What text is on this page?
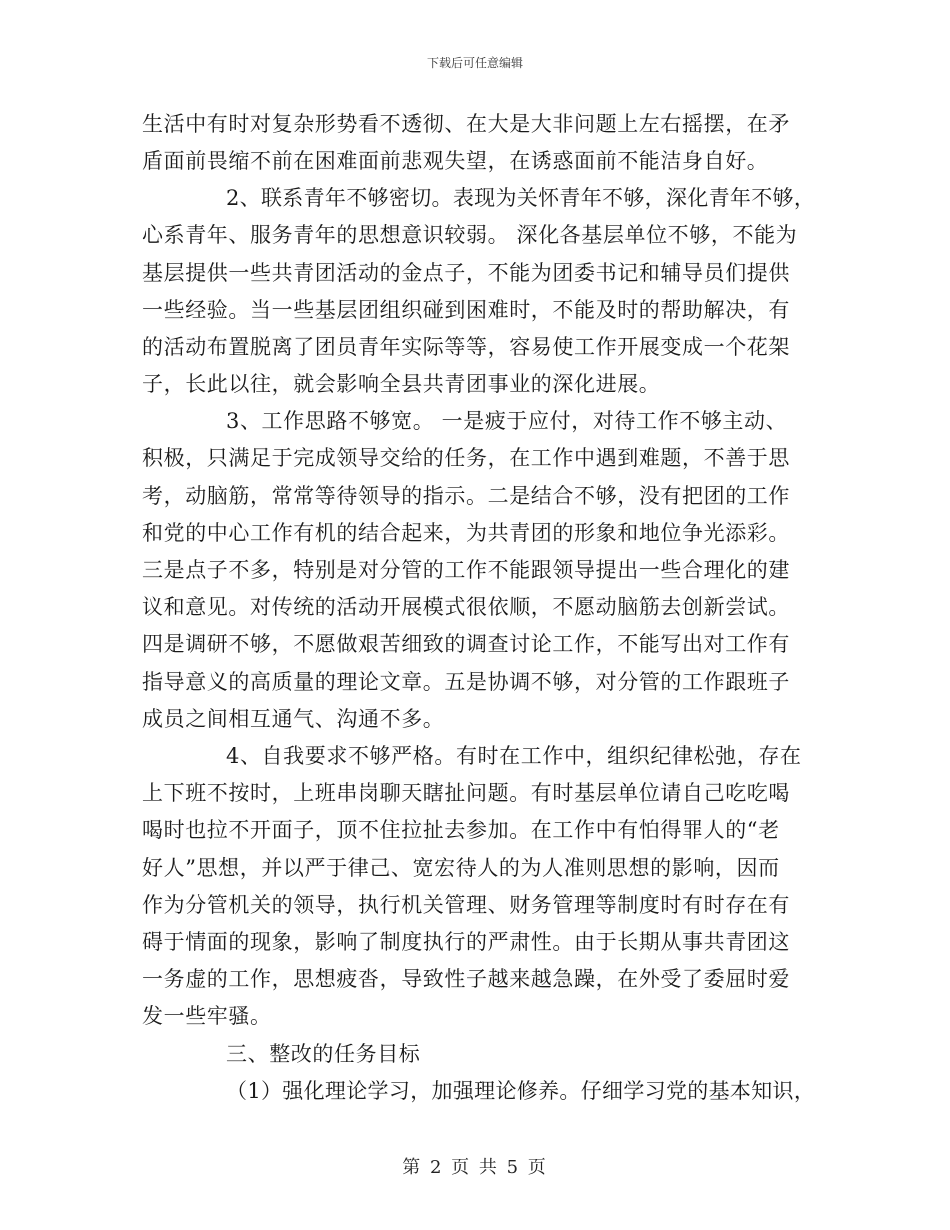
下载后可任意编辑
生活中有时对复杂形势看不透彻、在大是大非问题上左右摇摆，在矛
盾面前畏缩不前在困难面前悲观失望，在诱惑面前不能洁身自好。
2、联系青年不够密切。表现为关怀青年不够，深化青年不够，
心系青年、服务青年的思想意识较弱。 深化各基层单位不够，不能为
基层提供一些共青团活动的金点子，不能为团委书记和辅导员们提供
一些经验。当一些基层团组织碰到困难时，不能及时的帮助解决，有
的活动布置脱离了团员青年实际等等，容易使工作开展变成一个花架
子，长此以往，就会影响全县共青团事业的深化进展。
3、工作思路不够宽。 一是疲于应付，对待工作不够主动、
积极，只满足于完成领导交给的任务，在工作中遇到难题，不善于思
考，动脑筋，常常等待领导的指示。二是结合不够，没有把团的工作
和党的中心工作有机的结合起来，为共青团的形象和地位争光添彩。
三是点子不多，特别是对分管的工作不能跟领导提出一些合理化的建
议和意见。对传统的活动开展模式很依顺，不愿动脑筋去创新尝试。
四是调研不够，不愿做艰苦细致的调查讨论工作，不能写出对工作有
指导意义的高质量的理论文章。五是协调不够，对分管的工作跟班子
成员之间相互通气、沟通不多。
4、自我要求不够严格。有时在工作中，组织纪律松弛，存在
上下班不按时，上班串岗聊天瞎扯问题。有时基层单位请自己吃吃喝
喝时也拉不开面子，顶不住拉扯去参加。在工作中有怕得罪人的“老
好人”思想，并以严于律己、宽宏待人的为人准则思想的影响，因而
作为分管机关的领导，执行机关管理、财务管理等制度时有时存在有
碍于情面的现象，影响了制度执行的严肃性。由于长期从事共青团这
一务虚的工作，思想疲沓，导致性子越来越急躁，在外受了委屈时爱
发一些牢骚。
三、整改的任务目标
（1）强化理论学习，加强理论修养。仔细学习党的基本知识，
第 2 页 共 5 页
